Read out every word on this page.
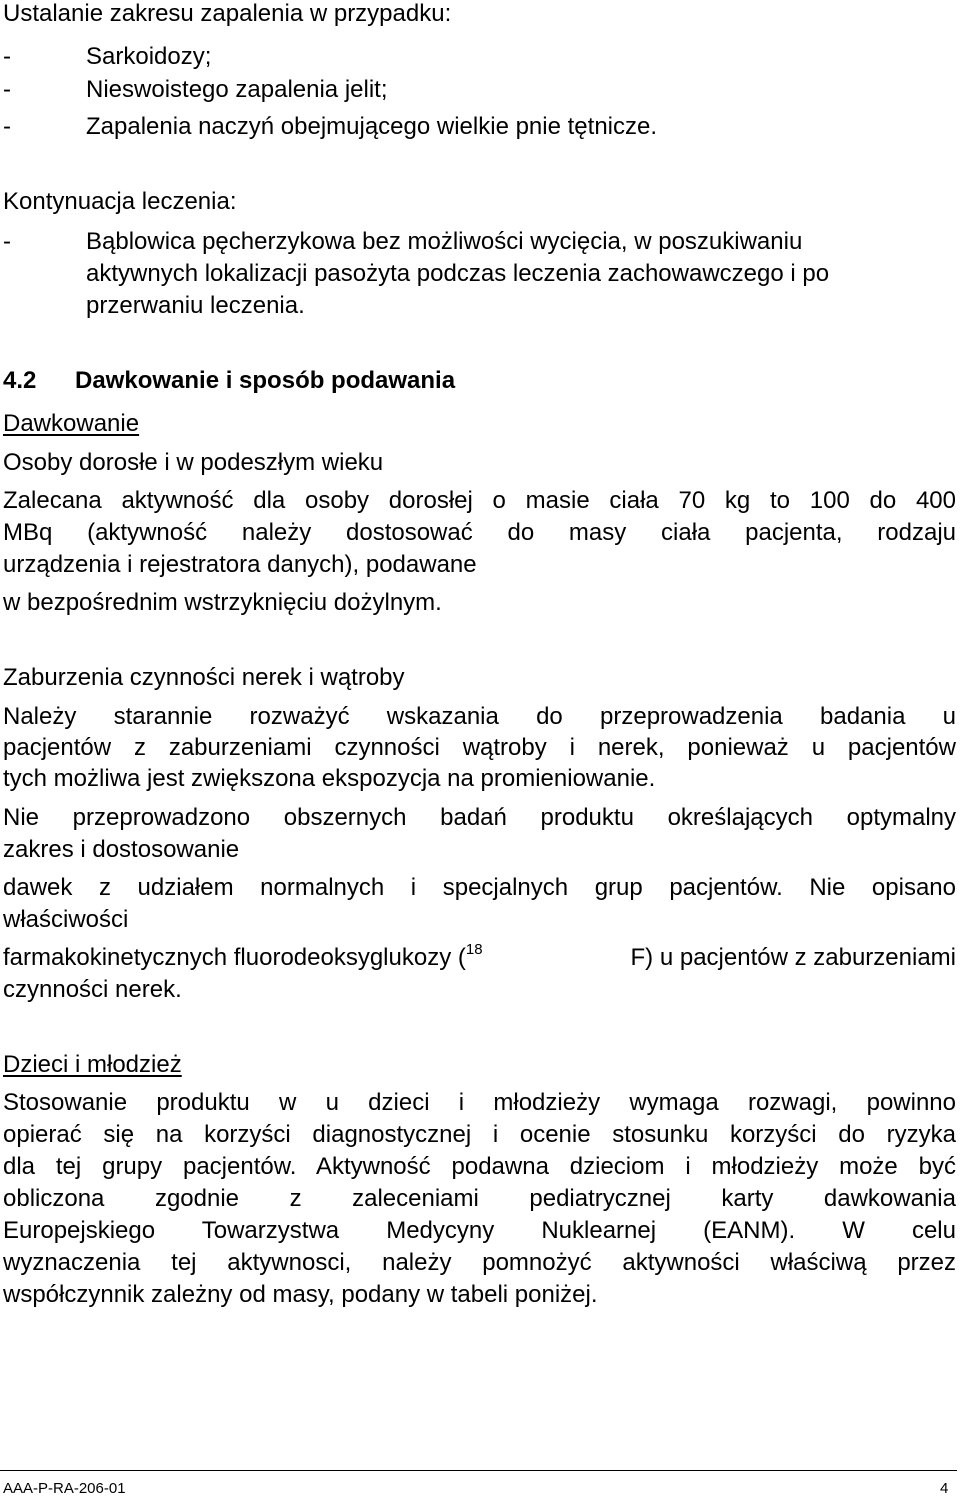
Ustalanie zakresu zapalenia w przypadku:
-	Sarkoidozy;
-	Nieswoistego zapalenia jelit;
-	Zapalenia naczyń obejmującego wielkie pnie tętnicze.
Kontynuacja leczenia:
-	Bąblowica pęcherzykowa bez możliwości wycięcia, w poszukiwaniu
aktywnych lokalizacji pasożyta podczas leczenia zachowawczego i po
przerwaniu leczenia.
4.2 Dawkowanie i sposób podawania
Dawkowanie
Osoby dorosłe i w podeszłym wieku
Zalecana aktywność dla osoby dorosłej o masie ciała 70 kg to 100 do 400
MBq (aktywność należy dostosować do masy ciała pacjenta, rodzaju
urządzenia i rejestratora danych), podawane
w bezpośrednim wstrzyknięciu dożylnym.
Zaburzenia czynności nerek i wątroby
Należy starannie rozważyć wskazania do przeprowadzenia badania u
pacjentów z zaburzeniami czynności wątroby i nerek, ponieważ u pacjentów
tych możliwa jest zwiększona ekspozycja na promieniowanie.
Nie przeprowadzono obszernych badań produktu określających optymalny
zakres i dostosowanie
dawek z udziałem normalnych i specjalnych grup pacjentów. Nie opisano
właściwości
farmakokinetycznych fluorodeoksyglukozy ($^{18}$	F) u pacjentów z zaburzeniami
czynności nerek.
Dzieci i młodzież
Stosowanie produktu w u dzieci i młodzieży wymaga rozwagi, powinno
opierać się na korzyści diagnostycznej i ocenie stosunku korzyści do ryzyka
dla tej grupy pacjentów. Aktywność podawna dzieciom i młodzieży może być
obliczona zgodnie z zaleceniami pediatrycznej karty dawkowania
Europejskiego Towarzystwa Medycyny Nuklearnej (EANM). W celu
wyznaczenia tej aktywnosci, należy pomnożyć aktywności właściwą przez
współczynnik zależny od masy, podany w tabeli poniżej.
AAA-P-RA-206-01	4
